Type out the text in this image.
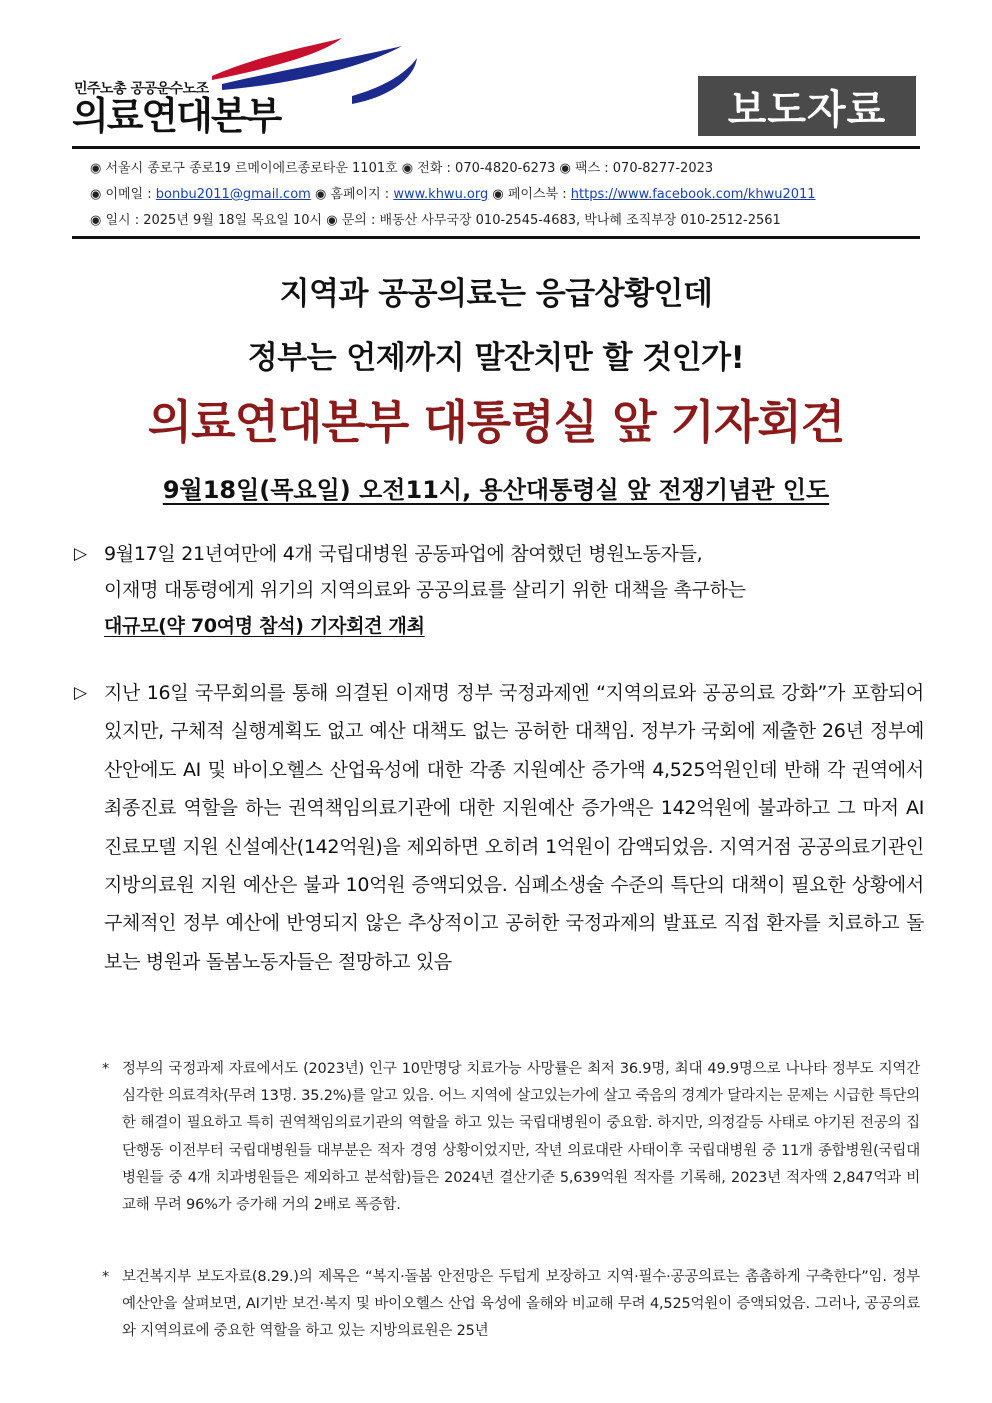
민주노총 공공운수노조
의료연대본부	보도자료
◉ 서울시 종로구 종로19 르메이에르종로타운 1101호 ◉ 전화 : 070-4820-6273 ◉ 팩스 : 070-8277-2023
◉ 이메일 : bonbu2011@gmail.com ◉ 홈페이지 : www.khwu.org ◉ 페이스북 : https://www.facebook.com/khwu2011
◉ 일시 : 2025년 9월 18일 목요일 10시 ◉ 문의 : 배동산 사무국장 010-2545-4683, 박나혜 조직부장 010-2512-2561
지역과 공공의료는 응급상황인데
정부는 언제까지 말잔치만 할 것인가!
의료연대본부 대통령실 앞 기자회견
9월18일(목요일) 오전11시, 용산대통령실 앞 전쟁기념관 인도
▷ 9월17일 21년여만에 4개 국립대병원 공동파업에 참여했던 병원노동자들,
이재명 대통령에게 위기의 지역의료와 공공의료를 살리기 위한 대책을 촉구하는
대규모(약 70여명 참석) 기자회견 개최

▷ 지난 16일 국무회의를 통해 의결된 이재명 정부 국정과제엔 “지역의료와 공공의료 강화”가 포함되어 있지만, 구체적 실행계획도 없고 예산 대책도 없는 공허한 대책임. 정부가 국회에 제출한 26년 정부예산안에도 AI 및 바이오헬스 산업육성에 대한 각종 지원예산 증가액 4,525억원인데 반해 각 권역에서 최종진료 역할을 하는 권역책임의료기관에 대한 지원예산 증가액은 142억원에 불과하고 그 마저 AI진료모델 지원 신설예산(142억원)을 제외하면 오히려 1억원이 감액되었음. 지역거점 공공의료기관인 지방의료원 지원 예산은 불과 10억원 증액되었음. 심폐소생술 수준의 특단의 대책이 필요한 상황에서 구체적인 정부 예산에 반영되지 않은 추상적이고 공허한 국정과제의 발표로 직접 환자를 치료하고 돌보는 병원과 돌봄노동자들은 절망하고 있음

* 정부의 국정과제 자료에서도 (2023년) 인구 10만명당 치료가능 사망률은 최저 36.9명, 최대 49.9명으로 나나타 정부도 지역간 심각한 의료격차(무려 13명. 35.2%)를 알고 있음. 어느 지역에 살고있는가에 살고 죽음의 경계가 달라지는 문제는 시급한 특단의 한 해결이 필요하고 특히 권역책임의료기관의 역할을 하고 있는 국립대병원이 중요함. 하지만, 의정갈등 사태로 야기된 전공의 집단행동 이전부터 국립대병원들 대부분은 적자 경영 상황이었지만, 작년 의료대란 사태이후 국립대병원 중 11개 종합병원(국립대병원들 중 4개 치과병원들은 제외하고 분석함)들은 2024년 결산기준 5,639억원 적자를 기록해, 2023년 적자액 2,847억과 비교해 무려 96%가 증가해 거의 2배로 폭증함.

* 보건복지부 보도자료(8.29.)의 제목은 “복지·돌봄 안전망은 두텁게 보장하고 지역·필수·공공의료는 촘촘하게 구축한다”임. 정부 예산안을 살펴보면, AI기반 보건·복지 및 바이오헬스 산업 육성에 올해와 비교해 무려 4,525억원이 증액되었음. 그러나, 공공의료와 지역의료에 중요한 역할을 하고 있는 지방의료원은 25년
